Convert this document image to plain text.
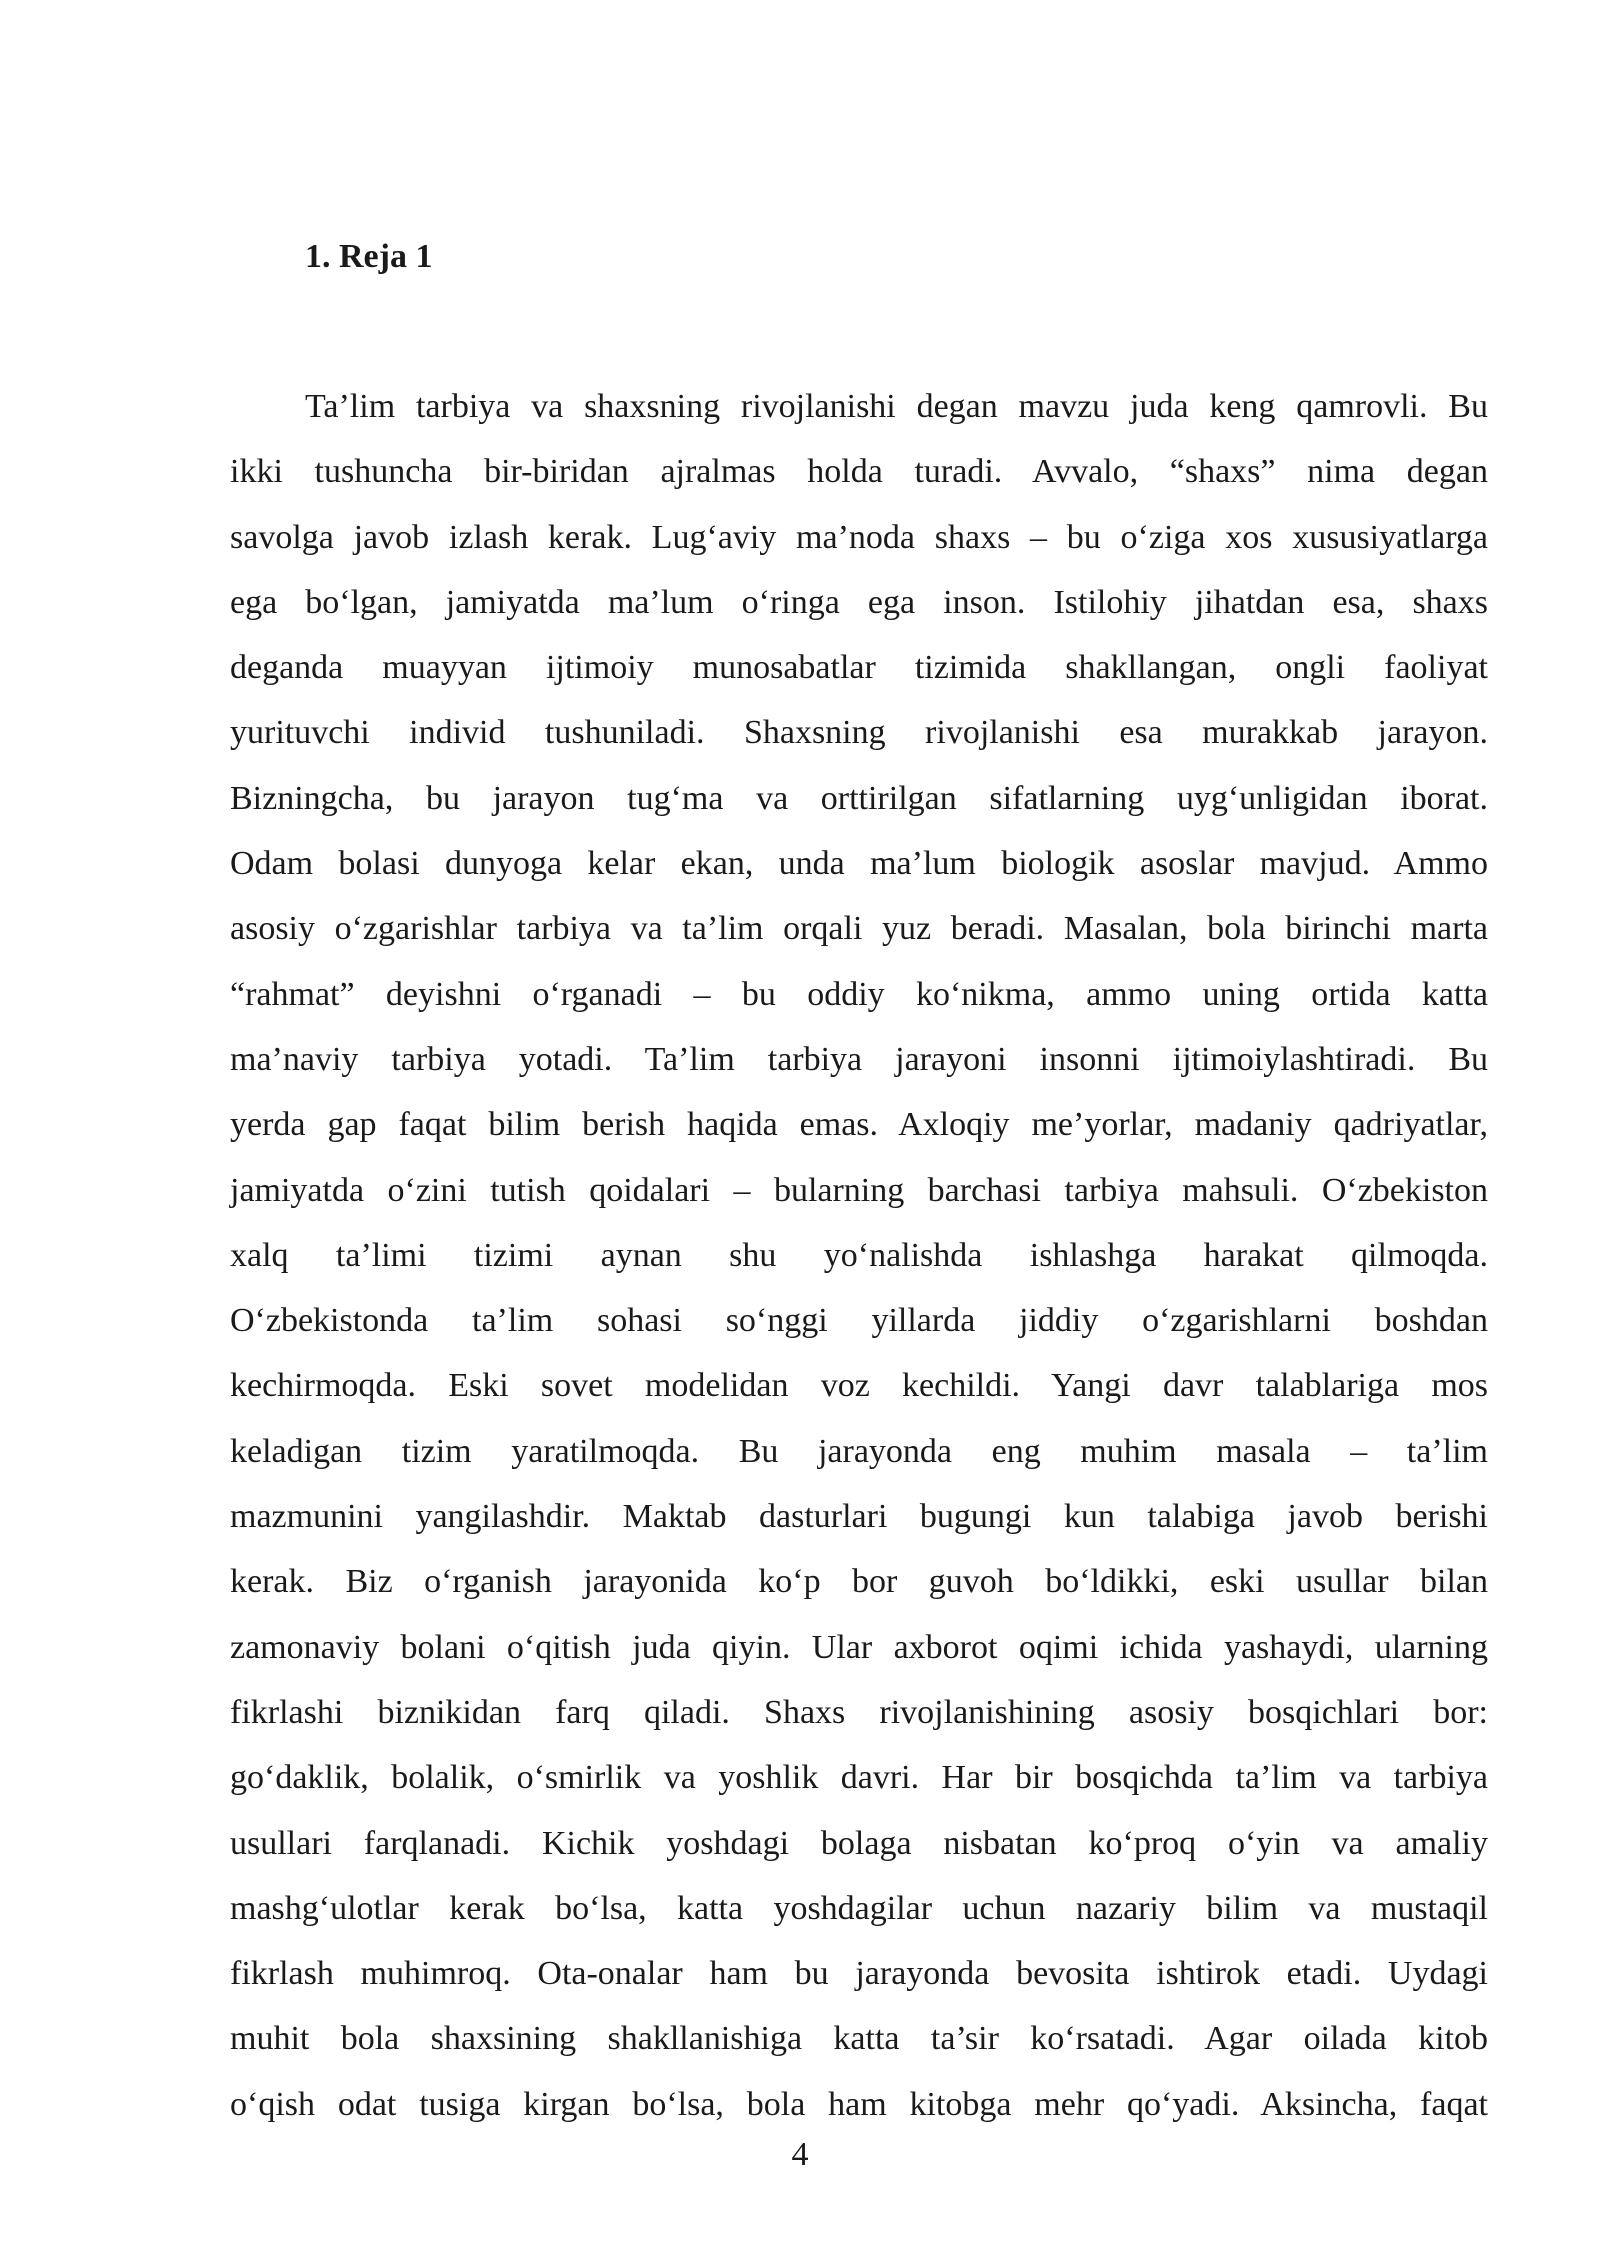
1. Reja 1
Ta’lim tarbiya va shaxsning rivojlanishi degan mavzu juda keng qamrovli. Bu
ikki tushuncha bir-biridan ajralmas holda turadi. Avvalo, “shaxs” nima degan
savolga javob izlash kerak. Lug‘aviy ma’noda shaxs – bu o‘ziga xos xususiyatlarga
ega bo‘lgan, jamiyatda ma’lum o‘ringa ega inson. Istilohiy jihatdan esa, shaxs
deganda muayyan ijtimoiy munosabatlar tizimida shakllangan, ongli faoliyat
yurituvchi individ tushuniladi. Shaxsning rivojlanishi esa murakkab jarayon.
Bizningcha, bu jarayon tug‘ma va orttirilgan sifatlarning uyg‘unligidan iborat.
Odam bolasi dunyoga kelar ekan, unda ma’lum biologik asoslar mavjud. Ammo
asosiy o‘zgarishlar tarbiya va ta’lim orqali yuz beradi. Masalan, bola birinchi marta
“rahmat” deyishni o‘rganadi – bu oddiy ko‘nikma, ammo uning ortida katta
ma’naviy tarbiya yotadi. Ta’lim tarbiya jarayoni insonni ijtimoiylashtiradi. Bu
yerda gap faqat bilim berish haqida emas. Axloqiy me’yorlar, madaniy qadriyatlar,
jamiyatda o‘zini tutish qoidalari – bularning barchasi tarbiya mahsuli. O‘zbekiston
xalq ta’limi tizimi aynan shu yo‘nalishda ishlashga harakat qilmoqda.
O‘zbekistonda ta’lim sohasi so‘nggi yillarda jiddiy o‘zgarishlarni boshdan
kechirmoqda. Eski sovet modelidan voz kechildi. Yangi davr talablariga mos
keladigan tizim yaratilmoqda. Bu jarayonda eng muhim masala – ta’lim
mazmunini yangilashdir. Maktab dasturlari bugungi kun talabiga javob berishi
kerak. Biz o‘rganish jarayonida ko‘p bor guvoh bo‘ldikki, eski usullar bilan
zamonaviy bolani o‘qitish juda qiyin. Ular axborot oqimi ichida yashaydi, ularning
fikrlashi biznikidan farq qiladi. Shaxs rivojlanishining asosiy bosqichlari bor:
go‘daklik, bolalik, o‘smirlik va yoshlik davri. Har bir bosqichda ta’lim va tarbiya
usullari farqlanadi. Kichik yoshdagi bolaga nisbatan ko‘proq o‘yin va amaliy
mashg‘ulotlar kerak bo‘lsa, katta yoshdagilar uchun nazariy bilim va mustaqil
fikrlash muhimroq. Ota-onalar ham bu jarayonda bevosita ishtirok etadi. Uydagi
muhit bola shaxsining shakllanishiga katta ta’sir ko‘rsatadi. Agar oilada kitob
o‘qish odat tusiga kirgan bo‘lsa, bola ham kitobga mehr qo‘yadi. Aksincha, faqat
4
